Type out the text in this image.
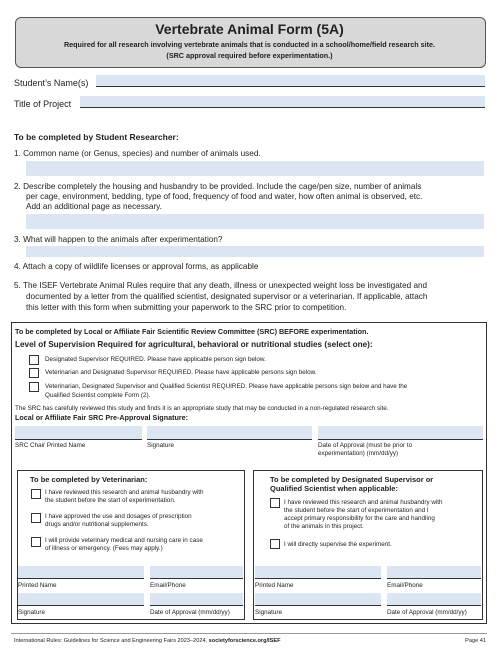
Vertebrate Animal Form (5A)
Required for all research involving vertebrate animals that is conducted in a school/home/field research site.
(SRC approval required before experimentation.)
Student’s Name(s)
Title of Project
To be completed by Student Researcher:
1. Common name (or Genus, species) and number of animals used.
2. Describe completely the housing and husbandry to be provided. Include the cage/pen size, number of animals
per cage, environment, bedding, type of food, frequency of food and water, how often animal is observed, etc.
Add an additional page as necessary.
3. What will happen to the animals after experimentation?
4. Attach a copy of wildlife licenses or approval forms, as applicable
5. The ISEF Vertebrate Animal Rules require that any death, illness or unexpected weight loss be investigated and
documented by a letter from the qualified scientist, designated supervisor or a veterinarian. If applicable, attach
this letter with this form when submitting your paperwork to the SRC prior to competition.
To be completed by Local or Affiliate Fair Scientific Review Committee (SRC) BEFORE experimentation.
Level of Supervision Required for agricultural, behavioral or nutritional studies (select one):
Designated Supervisor REQUIRED. Please have applicable person sign below.
Veterinarian and Designated Supervisor REQUIRED. Please have applicable persons sign below.
Veterinarian, Designated Supervisor and Qualified Scientist REQUIRED. Please have applicable persons sign below and have the
Qualified Scientist complete Form (2).
The SRC has carefully reviewed this study and finds it is an appropriate study that may be conducted in a non-regulated research site.
Local or Affiliate Fair SRC Pre-Approval Signature:
SRC Chair Printed Name	Signature	Date of Approval (must be prior to
experimentation) (mm/dd/yy)
To be completed by Veterinarian:
I have reviewed this research and animal husbandry with
the student before the start of experimentation.
I have approved the use and dosages of prescription
drugs and/or nutritional supplements.
I will provide veterinary medical and nursing care in case
of illness or emergency. (Fees may apply.)
Printed Name	Email/Phone
Signature	Date of Approval (mm/dd/yy)
To be completed by Designated Supervisor or
Qualified Scientist when applicable:
I have reviewed this research and animal husbandry with
the student before the start of experimentation and I
accept primary responsibility for the care and handling
of the animals in this project.
I will directly supervise the experiment.
Printed Name	Email/Phone
Signature	Date of Approval (mm/dd/yy)
International Rules: Guidelines for Science and Engineering Fairs 2023–2024, societyforscience.org/ISEF	Page 41
